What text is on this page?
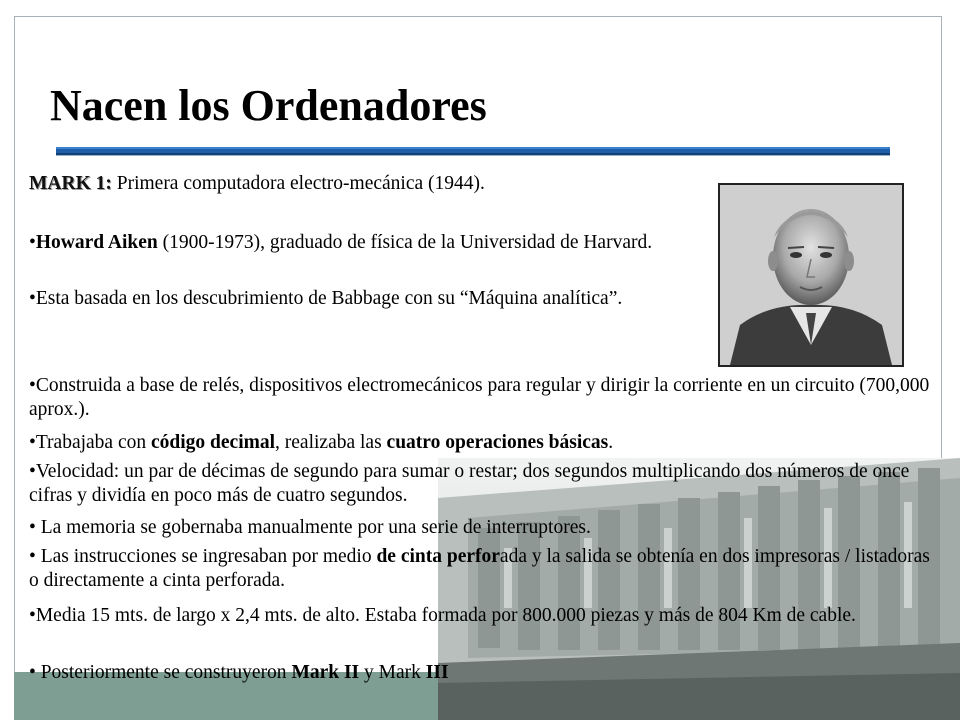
Nacen los Ordenadores
MARK 1: Primera computadora electro-mecánica (1944).
•Howard Aiken (1900-1973), graduado de física de la Universidad de Harvard.
•Esta basada en los descubrimiento de Babbage con su “Máquina analítica”.
•Construida a base de relés, dispositivos electromecánicos para regular y dirigir la corriente en un circuito (700,000 aprox.).
•Trabajaba con código decimal, realizaba las cuatro operaciones básicas.
•Velocidad: un par de décimas de segundo para sumar o restar; dos segundos multiplicando dos números de once cifras y dividía en poco más de cuatro segundos.
• La memoria se gobernaba manualmente por una serie de interruptores.
• Las instrucciones se ingresaban por medio de cinta perforada y la salida se obtenía en dos impresoras / listadoras o directamente a cinta perforada.
•Media 15 mts. de largo x 2,4 mts. de alto. Estaba formada por 800.000 piezas y más de 804 Km de cable.
• Posteriormente se construyeron Mark II y Mark III
